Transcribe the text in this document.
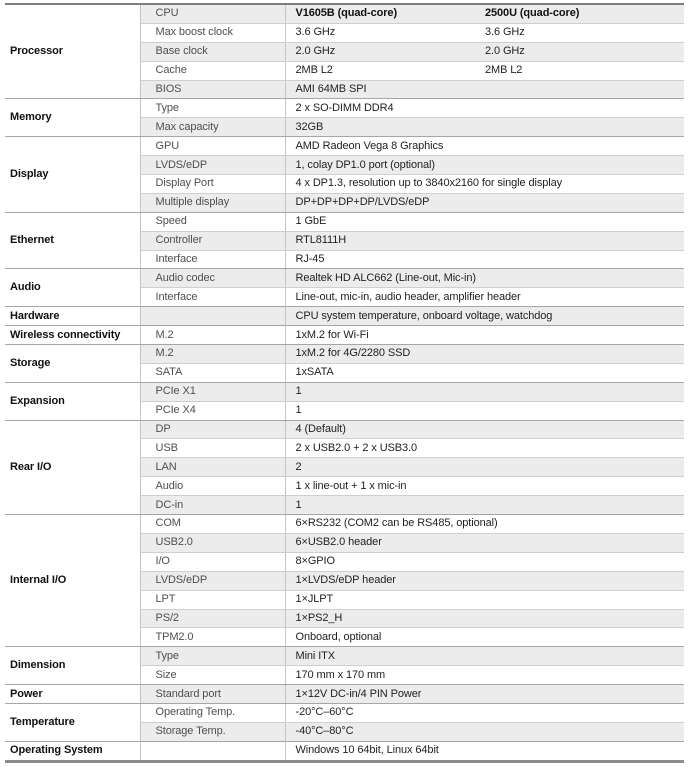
Processor	CPU	V1605B (quad-core)	2500U (quad-core)
	Max boost clock	3.6 GHz	3.6 GHz
	Base clock	2.0 GHz	2.0 GHz
	Cache	2MB L2	2MB L2
	BIOS	AMI 64MB SPI	
Memory	Type	2 x SO-DIMM DDR4	
	Max capacity	32GB	
Display	GPU	AMD Radeon Vega 8 Graphics	
	LVDS/eDP	1, colay DP1.0 port (optional)	
	Display Port	4 x DP1.3, resolution up to 3840x2160 for single display	
	Multiple display	DP+DP+DP+DP/LVDS/eDP	
Ethernet	Speed	1 GbE	
	Controller	RTL8111H	
	Interface	RJ-45	
Audio	Audio codec	Realtek HD ALC662 (Line-out, Mic-in)	
	Interface	Line-out, mic-in, audio header, amplifier header	
Hardware		CPU system temperature, onboard voltage, watchdog	
Wireless connectivity	M.2	1xM.2 for Wi-Fi	
Storage	M.2	1xM.2 for 4G/2280 SSD	
	SATA	1xSATA	
Expansion	PCIe X1	1	
	PCIe X4	1	
Rear I/O	DP	4 (Default)	
	USB	2 x USB2.0 + 2 x USB3.0	
	LAN	2	
	Audio	1 x line-out + 1 x mic-in	
	DC-in	1	
Internal I/O	COM	6×RS232 (COM2 can be RS485, optional)	
	USB2.0	6×USB2.0 header	
	I/O	8×GPIO	
	LVDS/eDP	1×LVDS/eDP header	
	LPT	1×JLPT	
	PS/2	1×PS2_H	
	TPM2.0	Onboard, optional	
Dimension	Type	Mini ITX	
	Size	170 mm x 170 mm	
Power	Standard port	1×12V DC-in/4 PIN Power	
Temperature	Operating Temp.	-20°C–60°C	
	Storage Temp.	-40°C–80°C	
Operating System		Windows 10 64bit, Linux 64bit	
